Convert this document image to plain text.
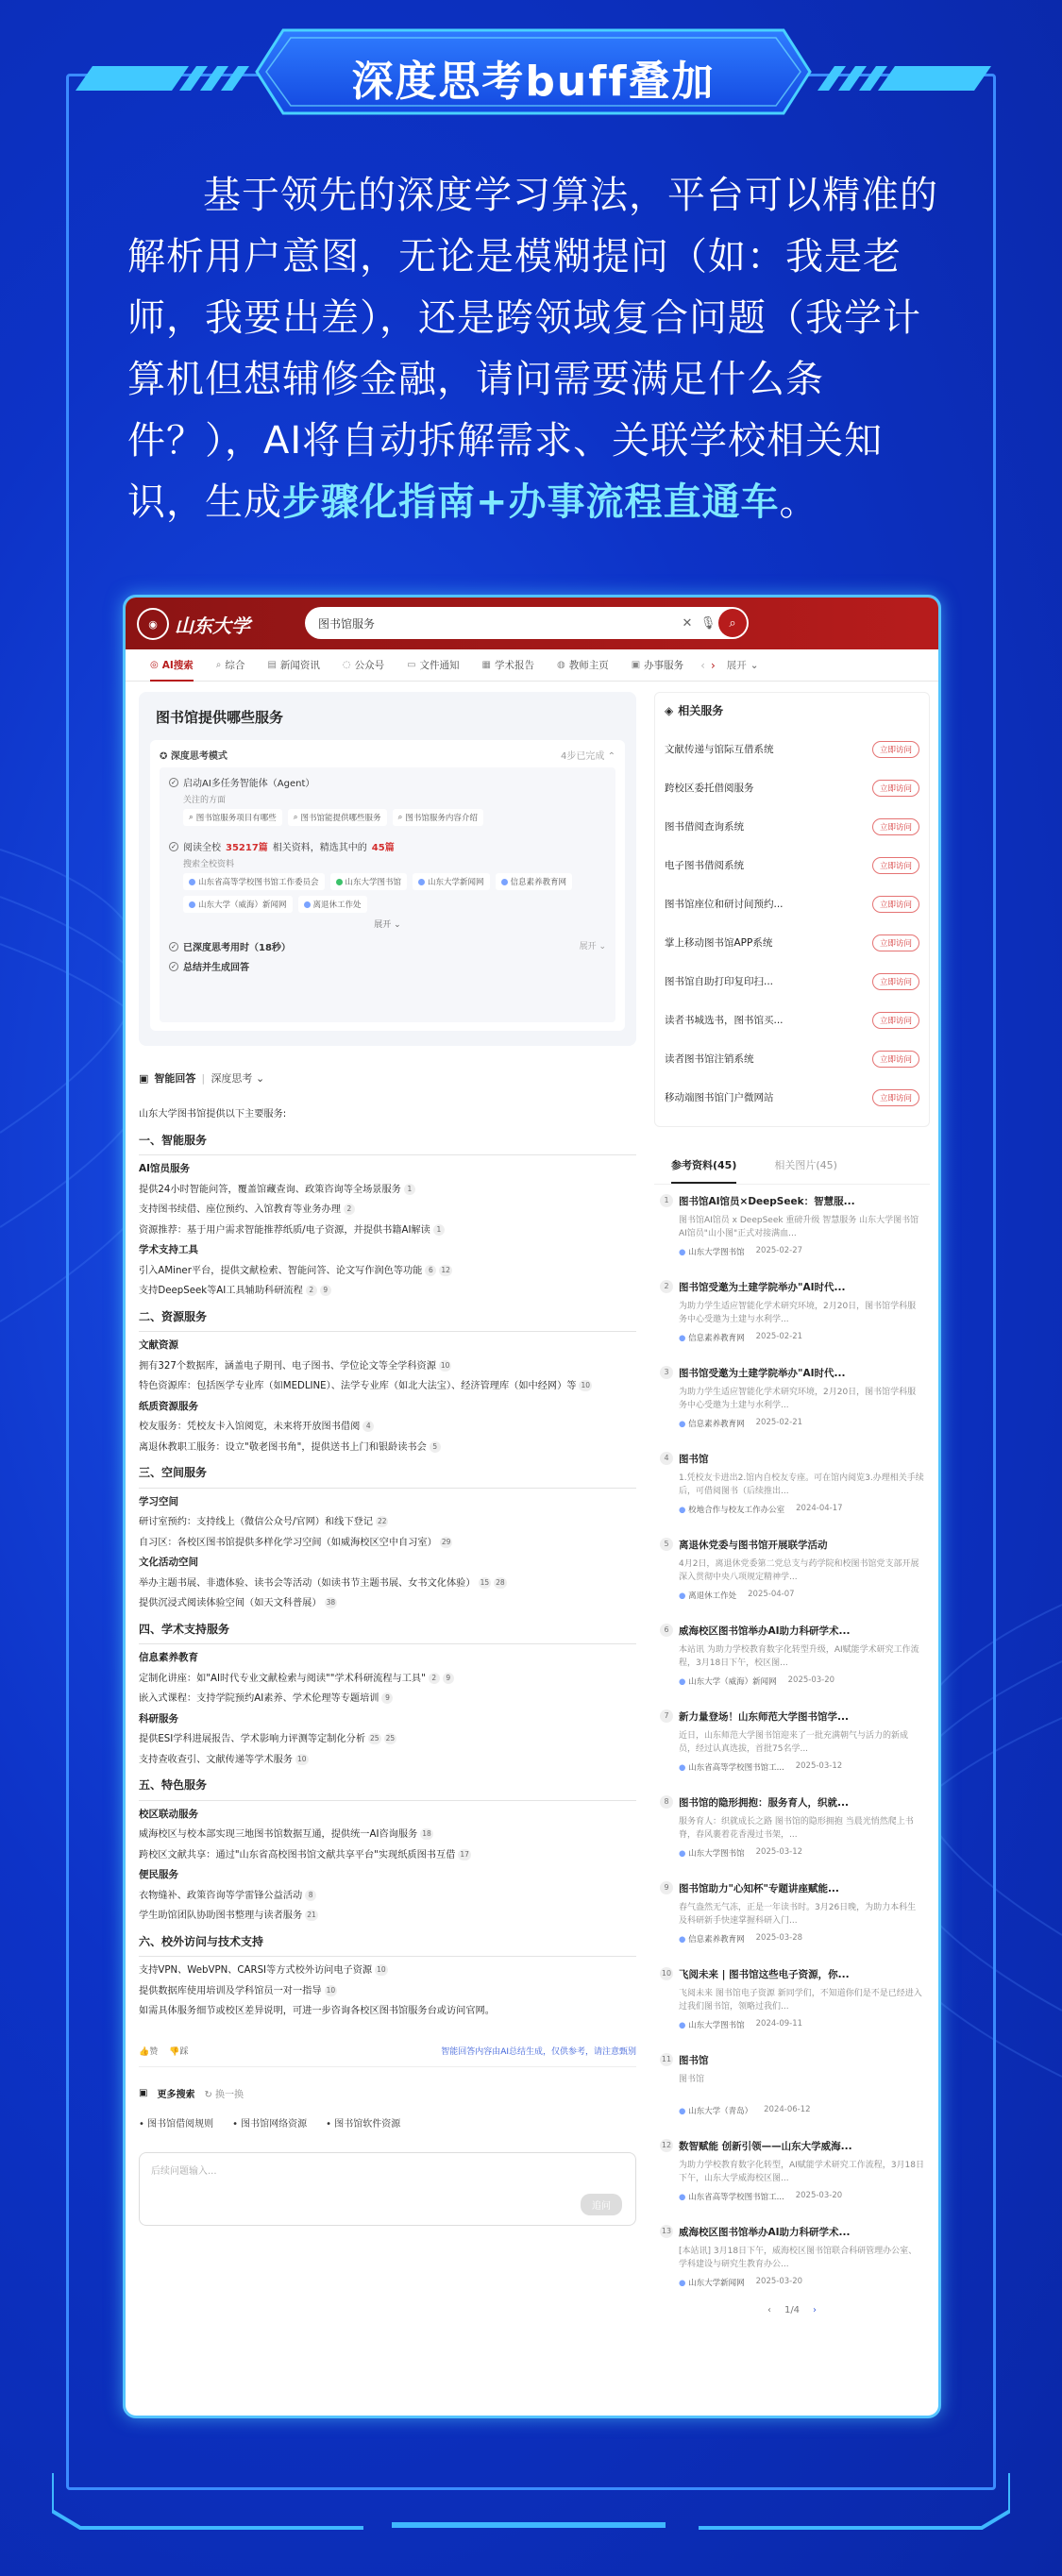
深度思考buff叠加
基于领先的深度学习算法，平台可以精准的解析用户意图，无论是模糊提问（如：我是老师，我要出差），还是跨领域复合问题（我学计算机但想辅修金融，请问需要满足什么条件？），AI将自动拆解需求、关联学校相关知识，生成步骤化指南+办事流程直通车。
◉ 山东大学	图书馆服务	✕ 🎙 ⌕
◎ AI搜索 ⌕ 综合 ▤ 新闻资讯 ◌ 公众号 ▭ 文件通知 ▦ 学术报告 ◍ 教师主页 ▣ 办事服务 ‹ › 展开 ⌄
图书馆提供哪些服务
✪ 深度思考模式	4步已完成 ⌃
✓ 启动AI多任务智能体（Agent）
关注的方面
⌕ 图书馆服务项目有哪些 ⌕ 图书馆能提供哪些服务 ⌕ 图书馆服务内容介绍
✓ 阅读全校 35217篇 相关资料，精选其中的 45篇
搜索全校资料
山东省高等学校图书馆工作委员会	山东大学图书馆	山东大学新闻网	信息素养教育网
山东大学（威海）新闻网	离退休工作处
展开 ⌄
✓ 已深度思考用时（18秒）	展开 ⌄
✓ 总结并生成回答
▣ 智能回答 | 深度思考 ⌄
山东大学图书馆提供以下主要服务:
一、智能服务
AI馆员服务
提供24小时智能问答，覆盖馆藏查询、政策咨询等全场景服务 1
支持图书续借、座位预约、入馆教育等业务办理 2
资源推荐：基于用户需求智能推荐纸质/电子资源，并提供书籍AI解读 1
学术支持工具
引入AMiner平台，提供文献检索、智能问答、论文写作润色等功能 6 12
支持DeepSeek等AI工具辅助科研流程 2 9
二、资源服务
文献资源
拥有327个数据库，涵盖电子期刊、电子图书、学位论文等全学科资源 10
特色资源库：包括医学专业库（如MEDLINE）、法学专业库（如北大法宝）、经济管理库（如中经网）等 10
纸质资源服务
校友服务：凭校友卡入馆阅览，未来将开放图书借阅 4
离退休教职工服务：设立"敬老图书角"，提供送书上门和银龄读书会 5
三、空间服务
学习空间
研讨室预约：支持线上（微信公众号/官网）和线下登记 22
自习区：各校区图书馆提供多样化学习空间（如威海校区空中自习室） 29
文化活动空间
举办主题书展、非遗体验、读书会等活动（如读书节主题书展、女书文化体验） 15 28
提供沉浸式阅读体验空间（如天文科普展） 38
四、学术支持服务
信息素养教育
定制化讲座：如"AI时代专业文献检索与阅读""学术科研流程与工具" 2 9
嵌入式课程：支持学院预约AI素养、学术伦理等专题培训 9
科研服务
提供ESI学科进展报告、学术影响力评测等定制化分析 25 25
支持查收查引、文献传递等学术服务 10
五、特色服务
校区联动服务
威海校区与校本部实现三地图书馆数据互通，提供统一AI咨询服务 18
跨校区文献共享：通过"山东省高校图书馆文献共享平台"实现纸质图书互借 17
便民服务
衣物缝补、政策咨询等学雷锋公益活动 8
学生助馆团队协助图书整理与读者服务 21
六、校外访问与技术支持
支持VPN、WebVPN、CARSI等方式校外访问电子资源 10
提供数据库使用培训及学科馆员一对一指导 10
如需具体服务细节或校区差异说明，可进一步咨询各校区图书馆服务台或访问官网。
👍赞 👎踩	智能回答内容由AI总结生成，仅供参考，请注意甄别
▣ 更多搜索 ↻ 换一换
• 图书馆借阅规则 • 图书馆网络资源 • 图书馆软件资源
后续问题输入...
追问
◈ 相关服务
文献传递与馆际互借系统	立即访问
跨校区委托借阅服务	立即访问
图书借阅查询系统	立即访问
电子图书借阅系统	立即访问
图书馆座位和研讨间预约...	立即访问
掌上移动图书馆APP系统	立即访问
图书馆自助打印复印扫...	立即访问
读者书城选书，图书馆买...	立即访问
读者图书馆注销系统	立即访问
移动端图书馆门户微网站	立即访问
参考资料(45)	相关图片(45)
1 图书馆AI馆员×DeepSeek：智慧服...
图书馆AI馆员 x DeepSeek 重磅升级 智慧服务 山东大学图书馆AI馆员"山小图"正式对接满血...
● 山东大学图书馆 2025-02-27
2 图书馆受邀为土建学院举办"AI时代...
为助力学生适应智能化学术研究环境，2月20日，图书馆学科服务中心受邀为土建与水利学...
● 信息素养教育网 2025-02-21
3 图书馆受邀为土建学院举办"AI时代...
为助力学生适应智能化学术研究环境，2月20日，图书馆学科服务中心受邀为土建与水利学...
● 信息素养教育网 2025-02-21
4 图书馆
1.凭校友卡进出2.馆内自校友专座。可在馆内阅览3.办理相关手续后，可借阅图书（后续推出...
● 校地合作与校友工作办公室 2024-04-17
5 离退休党委与图书馆开展联学活动
4月2日，离退休党委第二党总支与药学院和校图书馆党支部开展深入贯彻中央八项规定精神学...
● 离退休工作处 2025-04-07
6 威海校区图书馆举办AI助力科研学术...
本站讯 为助力学校教育数字化转型升级，AI赋能学术研究工作流程，3月18日下午，校区图...
● 山东大学（威海）新闻网 2025-03-20
7 新力量登场！山东师范大学图书馆学...
近日，山东师范大学图书馆迎来了一批充满朝气与活力的新成员，经过认真选拔，首批75名学...
● 山东省高等学校图书馆工... 2025-03-12
8 图书馆的隐形拥抱：服务育人，织就...
服务育人：织就成长之路 图书馆的隐形拥抱 当晨光悄然爬上书脊，春风裹着花香漫过书架，...
● 山东大学图书馆 2025-03-12
9 图书馆助力"心知杯"专题讲座赋能...
春气盎然无气冻，正是一年读书时。3月26日晚，为助力本科生及科研新手快速掌握科研入门...
● 信息素养教育网 2025-03-28
10 飞阅未来 | 图书馆这些电子资源，你...
飞阅未来 图书馆电子资源 新同学们，不知道你们是不是已经进入过我们图书馆，领略过我们...
● 山东大学图书馆 2024-09-11
11 图书馆
图书馆
● 山东大学（青岛） 2024-06-12
12 数智赋能 创新引领——山东大学威海...
为助力学校教育数字化转型，AI赋能学术研究工作流程，3月18日下午，山东大学威海校区图...
● 山东省高等学校图书馆工... 2025-03-20
13 威海校区图书馆举办AI助力科研学术...
[本站讯] 3月18日下午，威海校区图书馆联合科研管理办公室、学科建设与研究生教育办公...
● 山东大学新闻网 2025-03-20
‹ 1/4 ›
